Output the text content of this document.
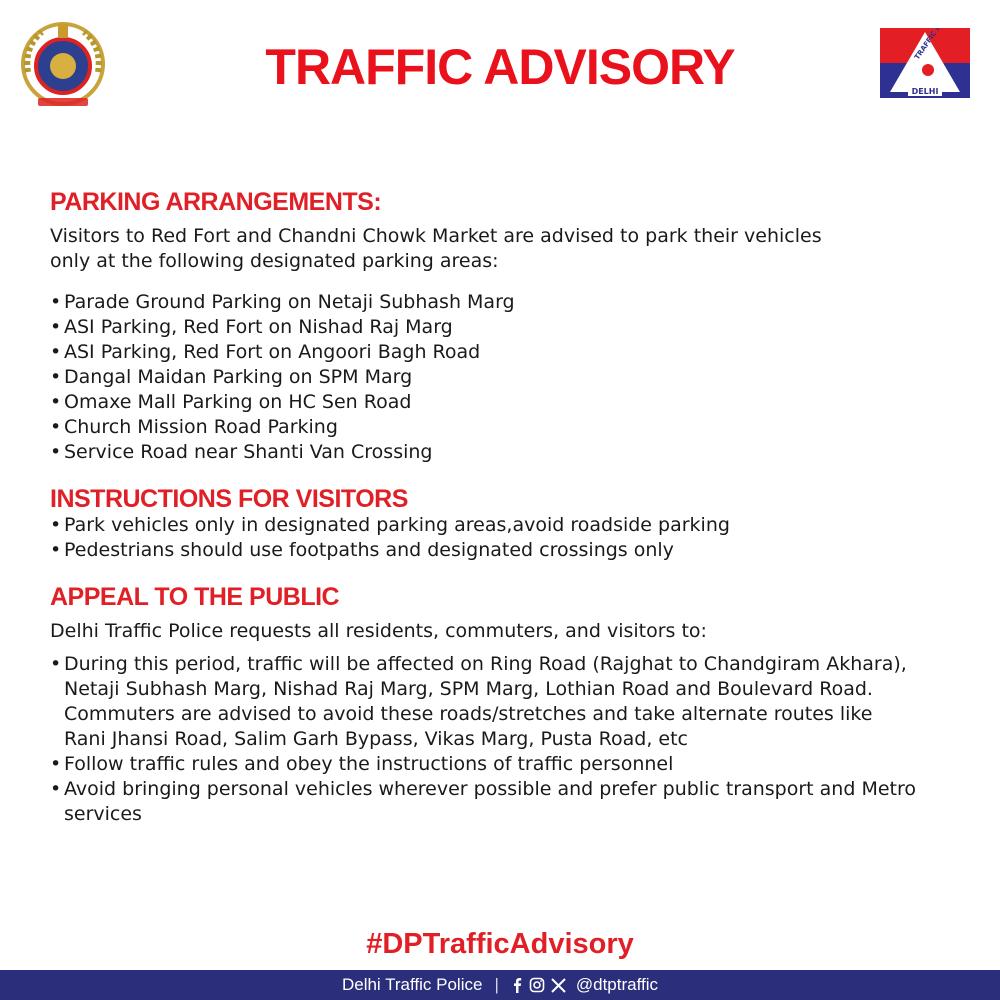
TRAFFIC ADVISORY	DELHI
PARKING ARRANGEMENTS:

Visitors to Red Fort and Chandni Chowk Market are advised to park their vehicles

only at the following designated parking areas:

• Parade Ground Parking on Netaji Subhash Marg
• ASI Parking, Red Fort on Nishad Raj Marg
• ASI Parking, Red Fort on Angoori Bagh Road
• Dangal Maidan Parking on SPM Marg
• Omaxe Mall Parking on HC Sen Road
• Church Mission Road Parking
• Service Road near Shanti Van Crossing
INSTRUCTIONS FOR VISITORS
• Park vehicles only in designated parking areas,avoid roadside parking
• Pedestrians should use footpaths and designated crossings only
APPEAL TO THE PUBLIC

Delhi Traffic Police requests all residents, commuters, and visitors to:

• During this period, traffic will be affected on Ring Road (Rajghat to Chandgiram Akhara),
Netaji Subhash Marg, Nishad Raj Marg, SPM Marg, Lothian Road and Boulevard Road.
Commuters are advised to avoid these roads/stretches and take alternate routes like
Rani Jhansi Road, Salim Garh Bypass, Vikas Marg, Pusta Road, etc
• Follow traffic rules and obey the instructions of traffic personnel
• Avoid bringing personal vehicles wherever possible and prefer public transport and Metro
services
#DPTrafficAdvisory
Delhi Traffic Police |	@dtptraffic
